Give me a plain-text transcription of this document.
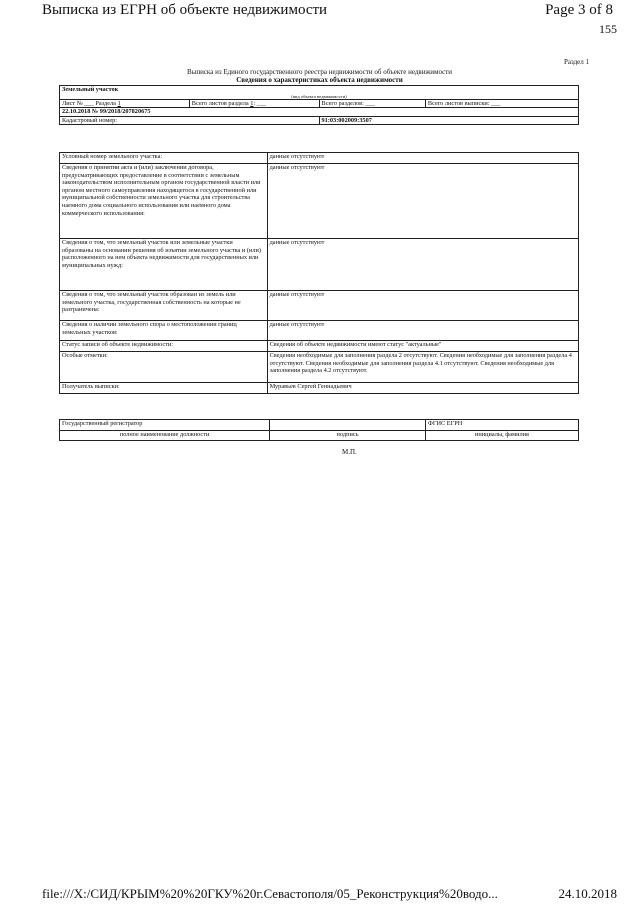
Выписка из ЕГРН об объекте недвижимости	Page 3 of 8
155
Раздел 1
Выписка из Единого государственного реестра недвижимости об объекте недвижимости
Сведения о характеристиках объекта недвижимости
Земельный участок			
(вид объекта недвижимости)			
Лист № ___ Раздела 1	Всего листов раздела 1: ___	Всего разделов: ___	Всего листов выписки: ___
22.10.2018 № 99/2018/207820675			
Кадастровый номер:		91:03:002009:3507	
Условный номер земельного участка:	данные отсутствуют
Сведения о принятии акта и (или) заключении договора, предусматривающих предоставление в соответствии с земельным законодательством исполнительным органом государственной власти или органом местного самоуправления находящегося в государственной или муниципальной собственности земельного участка для строительства наемного дома социального использования или наемного дома коммерческого использования:	данные отсутствуют
Сведения о том, что земельный участок или земельные участки образованы на основании решения об изъятии земельного участка и (или) расположенного на нем объекта недвижимости для государственных или муниципальных нужд:	данные отсутствуют
Сведения о том, что земельный участок образован из земель или земельного участка, государственная собственность на которые не разграничена:	данные отсутствуют
Сведения о наличии земельного спора о местоположении границ земельных участков:	данные отсутствуют
Статус записи об объекте недвижимости:	Сведения об объекте недвижимости имеют статус "актуальные"
Особые отметки:	Сведения необходимые для заполнения раздела 2 отсутствуют. Сведения необходимые для заполнения раздела 4 отсутствуют. Сведения необходимые для заполнения раздела 4.1 отсутствуют. Сведения необходимые для заполнения раздела 4.2 отсутствуют.
Получатель выписки:	Муравьев Сергей Геннадьевич
Государственный регистратор		ФГИС ЕГРН
полное наименование должности	подпись	инициалы, фамилия
М.П.
file:///X:/СИД/КРЫМ%20%20ГКУ%20г.Севастополя/05_Реконструкция%20водо...	24.10.2018
